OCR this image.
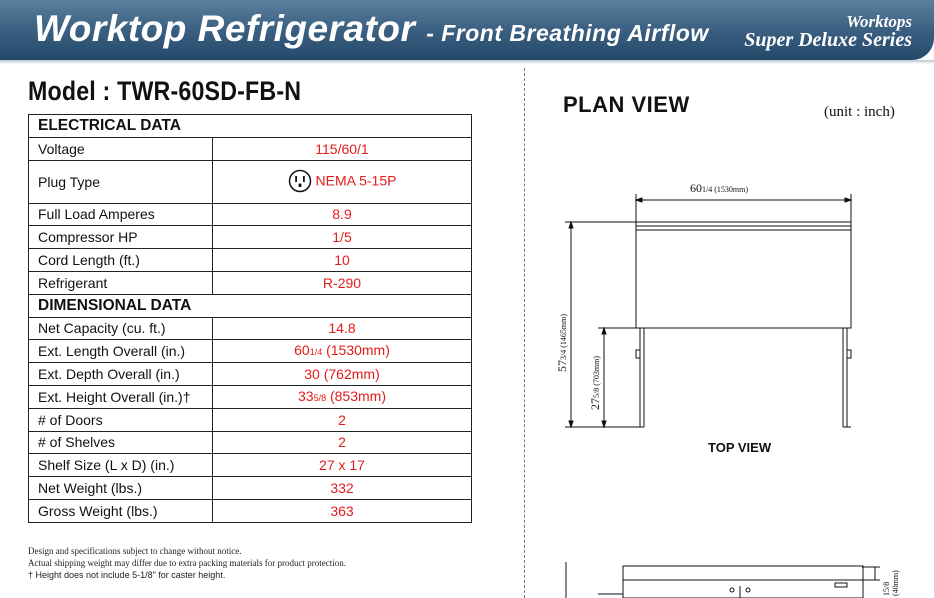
Worktop Refrigerator - Front Breathing Airflow	Worktops
Super Deluxe Series
Model : TWR-60SD-FB-N
ELECTRICAL DATA	
Voltage	115/60/1
Plug Type	NEMA 5-15P
Full Load Amperes	8.9
Compressor HP	1/5
Cord Length (ft.)	10
Refrigerant	R-290
DIMENSIONAL DATA	
Net Capacity (cu. ft.)	14.8
Ext. Length Overall (in.)	601/4 (1530mm)
Ext. Depth Overall (in.)	30 (762mm)
Ext. Height Overall (in.)†	335/8 (853mm)
# of Doors	2
# of Shelves	2
Shelf Size (L x D) (in.)	27 x 17
Net Weight (lbs.)	332
Gross Weight (lbs.)	363
Design and specifications subject to change without notice.
Actual shipping weight may differ due to extra packing materials for product protection.
† Height does not include 5-1/8" for caster height.
PLAN VIEW	(unit : inch)
601/4 (1530mm)
573/4 (1465mm)
275/8 (703mm)
TOP VIEW
15/8 (40mm)
